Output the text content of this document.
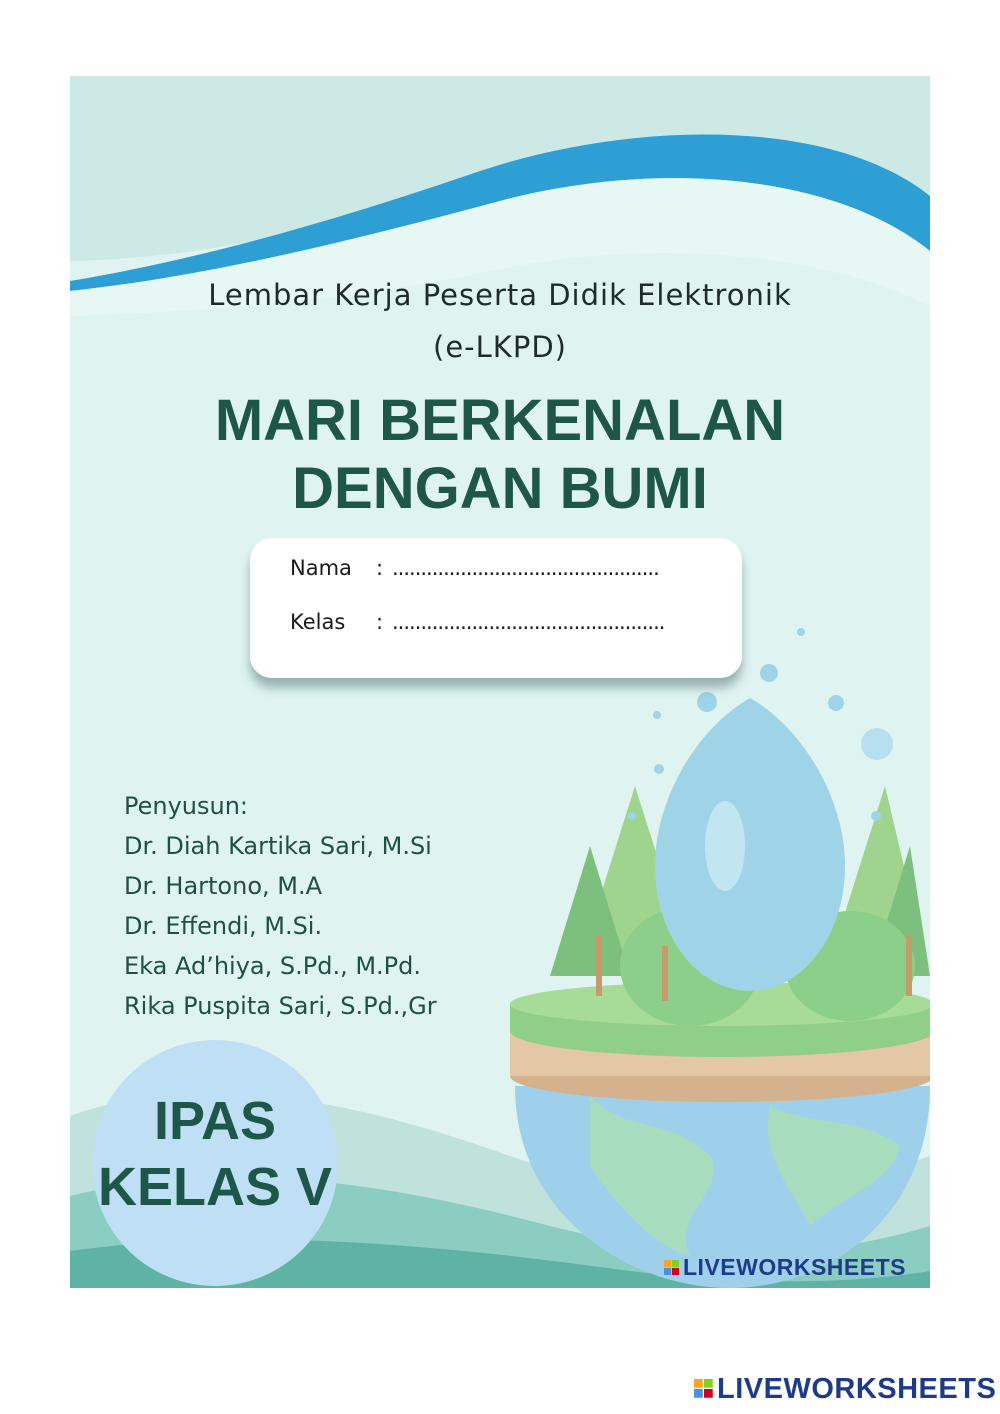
Lembar Kerja Peserta Didik Elektronik
(e-LKPD)
MARI BERKENALAN
DENGAN BUMI
Nama : ...............................................
Kelas : ................................................
Penyusun:
Dr. Diah Kartika Sari, M.Si
Dr. Hartono, M.A
Dr. Effendi, M.Si.
Eka Ad’hiya, S.Pd., M.Pd.
Rika Puspita Sari, S.Pd.,Gr
IPAS
KELAS V
LIVEWORKSHEETS
LIVEWORKSHEETS
